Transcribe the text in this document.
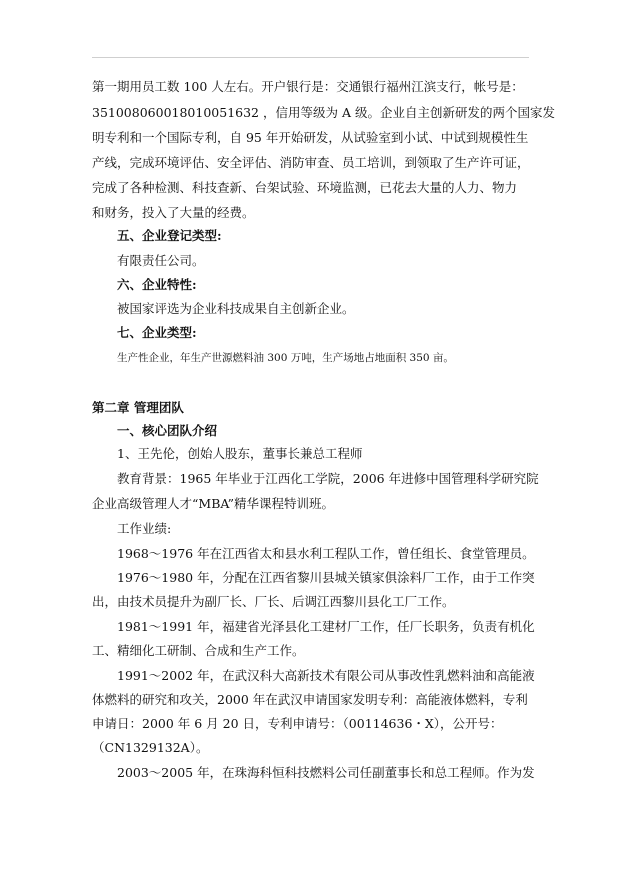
第一期用员工数 100 人左右。开户银行是：交通银行福州江滨支行，帐号是：
351008060018010051632 ，信用等级为 A 级。企业自主创新研发的两个国家发
明专利和一个国际专利，自 95 年开始研发，从试验室到小试、中试到规模性生
产线，完成环境评估、安全评估、消防审查、员工培训，到领取了生产许可证，
完成了各种检测、科技查新、台架试验、环境监测，已花去大量的人力、物力
和财务，投入了大量的经费。
五、企业登记类型:
有限责任公司。
六、企业特性:
被国家评选为企业科技成果自主创新企业。
七、企业类型:
生产性企业，年生产世源燃料油 300 万吨，生产场地占地面积 350 亩。
第二章 管理团队
一、核心团队介绍
1、王先伦，创始人股东，董事长兼总工程师
教育背景：1965 年毕业于江西化工学院，2006 年进修中国管理科学研究院
企业高级管理人才“MBA”精华课程特训班。
工作业绩:
1968～1976 年在江西省太和县水利工程队工作，曾任组长、食堂管理员。
1976～1980 年，分配在江西省黎川县城关镇家俱涂料厂工作，由于工作突
出，由技术员提升为副厂长、厂长、后调江西黎川县化工厂工作。
1981～1991 年，福建省光泽县化工建材厂工作，任厂长职务，负责有机化
工、精细化工研制、合成和生产工作。
1991～2002 年，在武汉科大高新技术有限公司从事改性乳燃料油和高能液
体燃料的研究和攻关，2000 年在武汉申请国家发明专利：高能液体燃料，专利
申请日：2000 年 6 月 20 日，专利申请号：（00114636・X），公开号：
（CN1329132A）。
2003～2005 年，在珠海科恒科技燃料公司任副董事长和总工程师。作为发
